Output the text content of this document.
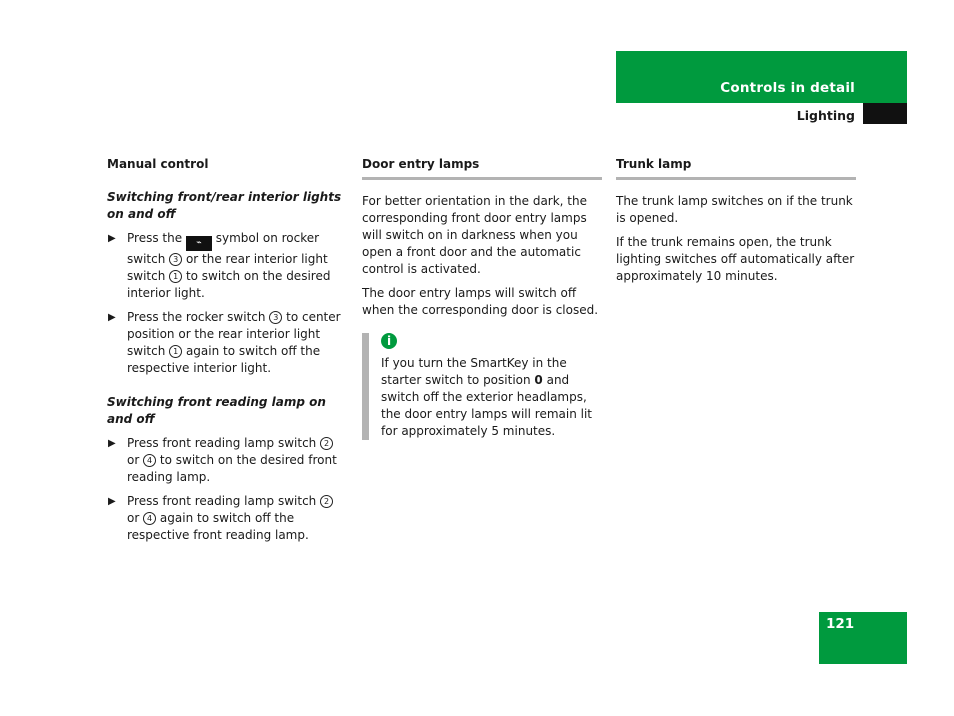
Controls in detail
Lighting
Manual control
Switching front/rear interior lights on and off
▶ Press the ⌁ symbol on rocker switch 3 or the rear interior light switch 1 to switch on the desired interior light.
▶ Press the rocker switch 3 to center position or the rear interior light switch 1 again to switch off the respective interior light.
Switching front reading lamp on and off
▶ Press front reading lamp switch 2 or 4 to switch on the desired front reading lamp.
▶ Press front reading lamp switch 2 or 4 again to switch off the respective front reading lamp.
Door entry lamps

For better orientation in the dark, the corresponding front door entry lamps will switch on in darkness when you open a front door and the automatic control is activated.

The door entry lamps will switch off when the corresponding door is closed.

i
If you turn the SmartKey in the starter switch to position 0 and switch off the exterior headlamps, the door entry lamps will remain lit for approximately 5 minutes.
Trunk lamp

The trunk lamp switches on if the trunk is opened.

If the trunk remains open, the trunk lighting switches off automatically after approximately 10 minutes.

121
